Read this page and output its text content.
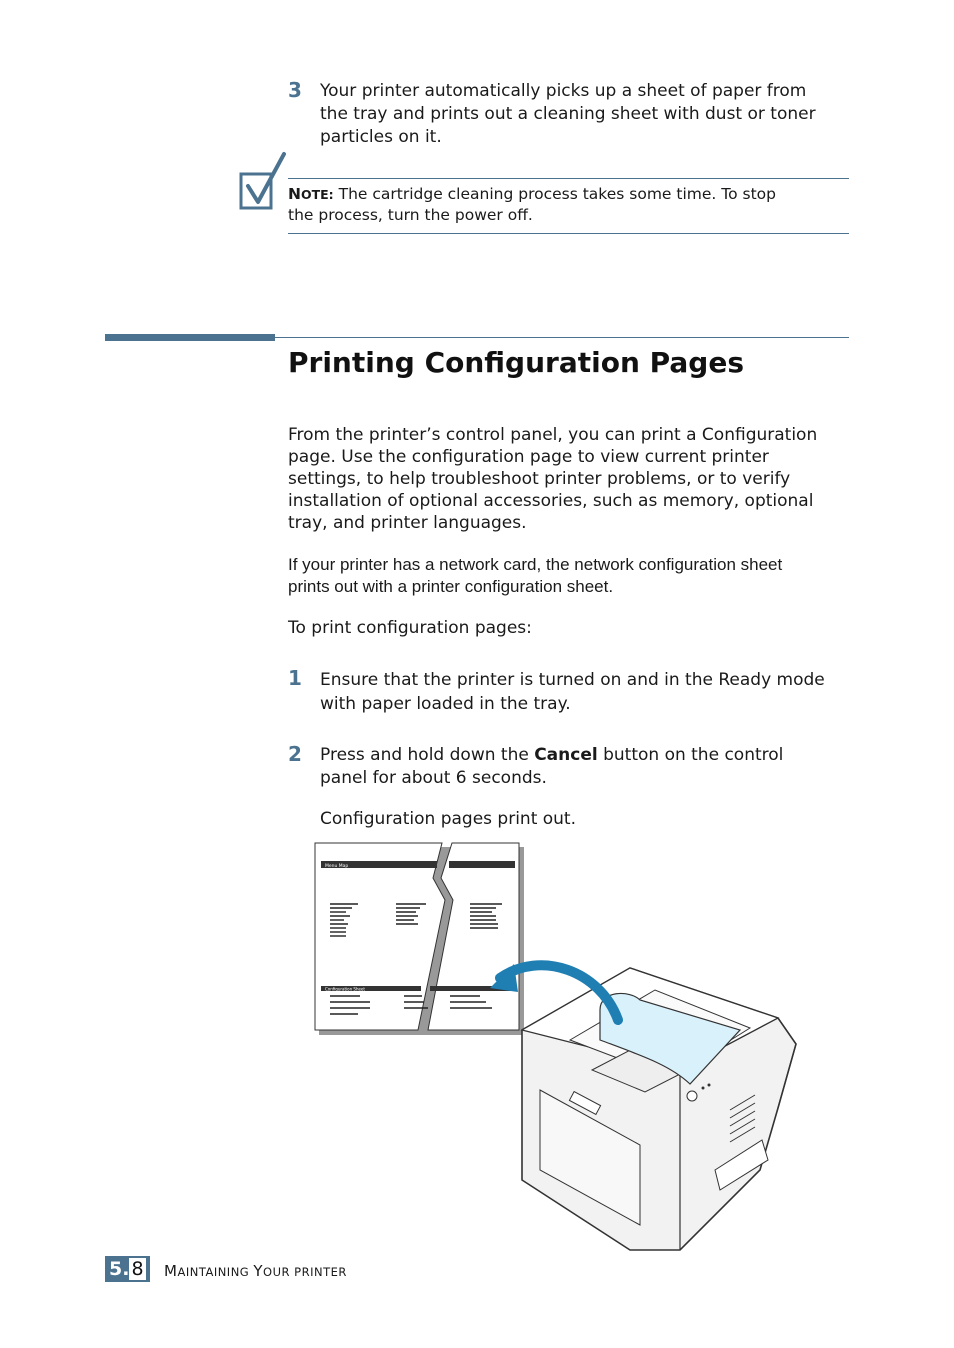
3 Your printer automatically picks up a sheet of paper from
the tray and prints out a cleaning sheet with dust or toner
particles on it.
NOTE: The cartridge cleaning process takes some time. To stop
the process, turn the power off.
Printing Configuration Pages
From the printer’s control panel, you can print a Configuration
page. Use the configuration page to view current printer
settings, to help troubleshoot printer problems, or to verify
installation of optional accessories, such as memory, optional
tray, and printer languages.
If your printer has a network card, the network configuration sheet
prints out with a printer configuration sheet.
To print configuration pages:
1 Ensure that the printer is turned on and in the Ready mode
with paper loaded in the tray.
2 Press and hold down the Cancel button on the control
panel for about 6 seconds.
Configuration pages print out.
Menu Map
Configuration Sheet
5. 8	MAINTAINING YOUR PRINTER
